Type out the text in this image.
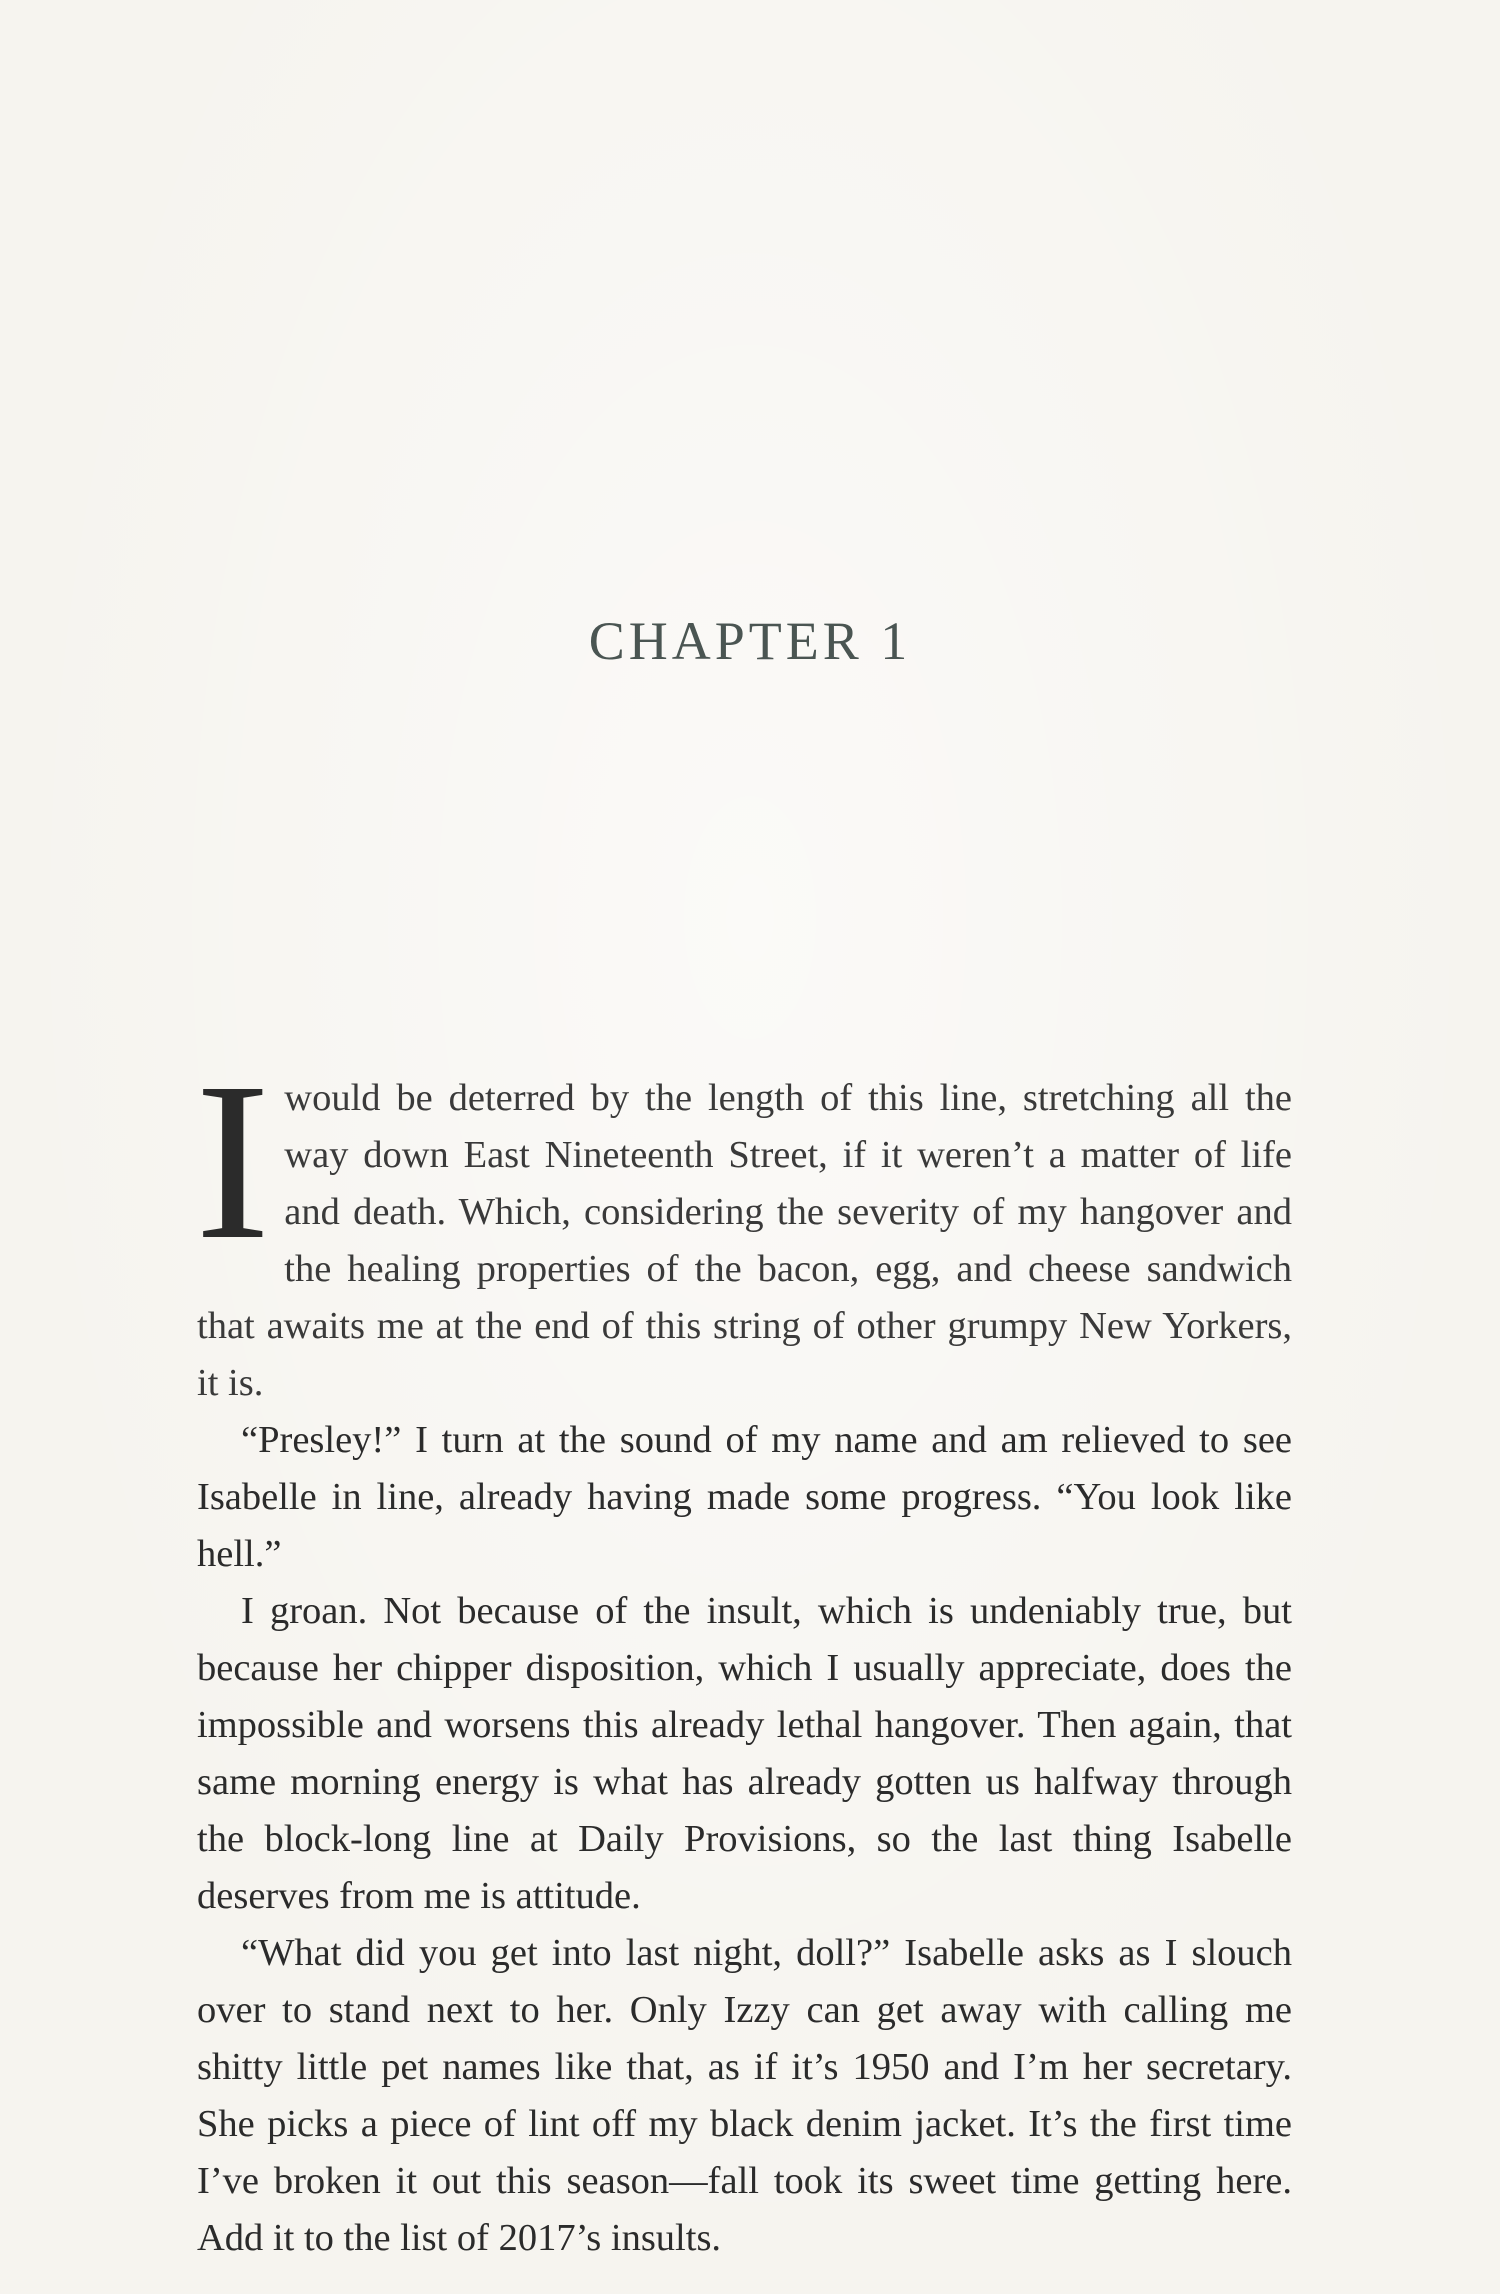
CHAPTER 1

Iwould be deterred by the length of this line, stretching all the way down East Nineteenth Street, if it weren’t a matter of life and death. Which, considering the severity of my hangover and the healing properties of the bacon, egg, and cheese sandwich that awaits me at the end of this string of other grumpy New Yorkers, it is.

“Presley!” I turn at the sound of my name and am relieved to see Isabelle in line, already having made some progress. “You look like hell.”

I groan. Not because of the insult, which is undeniably true, but because her chipper disposition, which I usually appreciate, does the impossible and worsens this already lethal hangover. Then again, that same morning energy is what has already gotten us halfway through the block-long line at Daily Provisions, so the last thing Isabelle deserves from me is attitude.

“What did you get into last night, doll?” Isabelle asks as I slouch over to stand next to her. Only Izzy can get away with calling me shitty little pet names like that, as if it’s 1950 and I’m her secretary. She picks a piece of lint off my black denim jacket. It’s the first time I’ve broken it out this season—fall took its sweet time getting here. Add it to the list of 2017’s insults.
